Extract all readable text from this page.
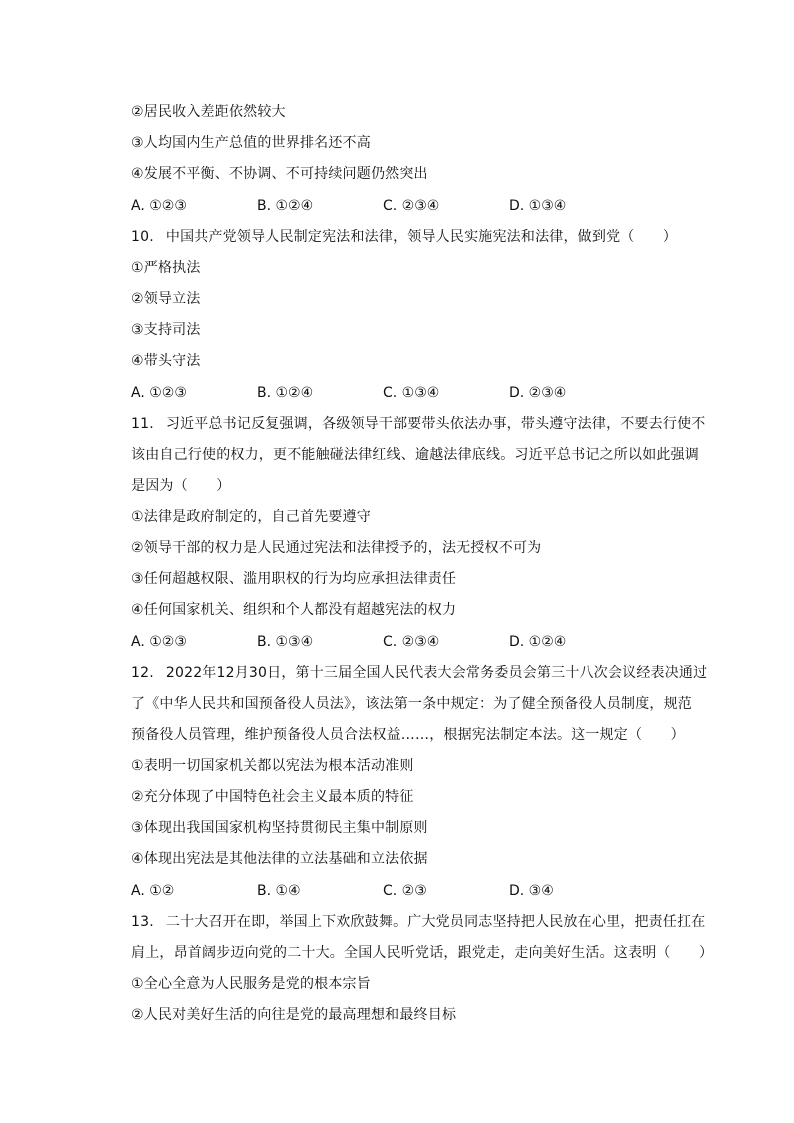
②居民收入差距依然较大
③人均国内生产总值的世界排名还不高
④发展不平衡、不协调、不可持续问题仍然突出
A. ①②③	B. ①②④	C. ②③④	D. ①③④
10. 中国共产党领导人民制定宪法和法律，领导人民实施宪法和法律，做到党（　　）
①严格执法
②领导立法
③支持司法
④带头守法
A. ①②③	B. ①②④	C. ①③④	D. ②③④
11. 习近平总书记反复强调，各级领导干部要带头依法办事，带头遵守法律，不要去行使不
该由自己行使的权力，更不能触碰法律红线、逾越法律底线。习近平总书记之所以如此强调
是因为（　　）
①法律是政府制定的，自己首先要遵守
②领导干部的权力是人民通过宪法和法律授予的，法无授权不可为
③任何超越权限、滥用职权的行为均应承担法律责任
④任何国家机关、组织和个人都没有超越宪法的权力
A. ①②③	B. ①③④	C. ②③④	D. ①②④
12. 2022年12月30日，第十三届全国人民代表大会常务委员会第三十八次会议经表决通过
了《中华人民共和国预备役人员法》，该法第一条中规定：为了健全预备役人员制度，规范
预备役人员管理，维护预备役人员合法权益……，根据宪法制定本法。这一规定（　　）
①表明一切国家机关都以宪法为根本活动准则
②充分体现了中国特色社会主义最本质的特征
③体现出我国国家机构坚持贯彻民主集中制原则
④体现出宪法是其他法律的立法基础和立法依据
A. ①②	B. ①④	C. ②③	D. ③④
13. 二十大召开在即，举国上下欢欣鼓舞。广大党员同志坚持把人民放在心里，把责任扛在
肩上，昂首阔步迈向党的二十大。全国人民听党话，跟党走，走向美好生活。这表明（　　）
①全心全意为人民服务是党的根本宗旨
②人民对美好生活的向往是党的最高理想和最终目标
